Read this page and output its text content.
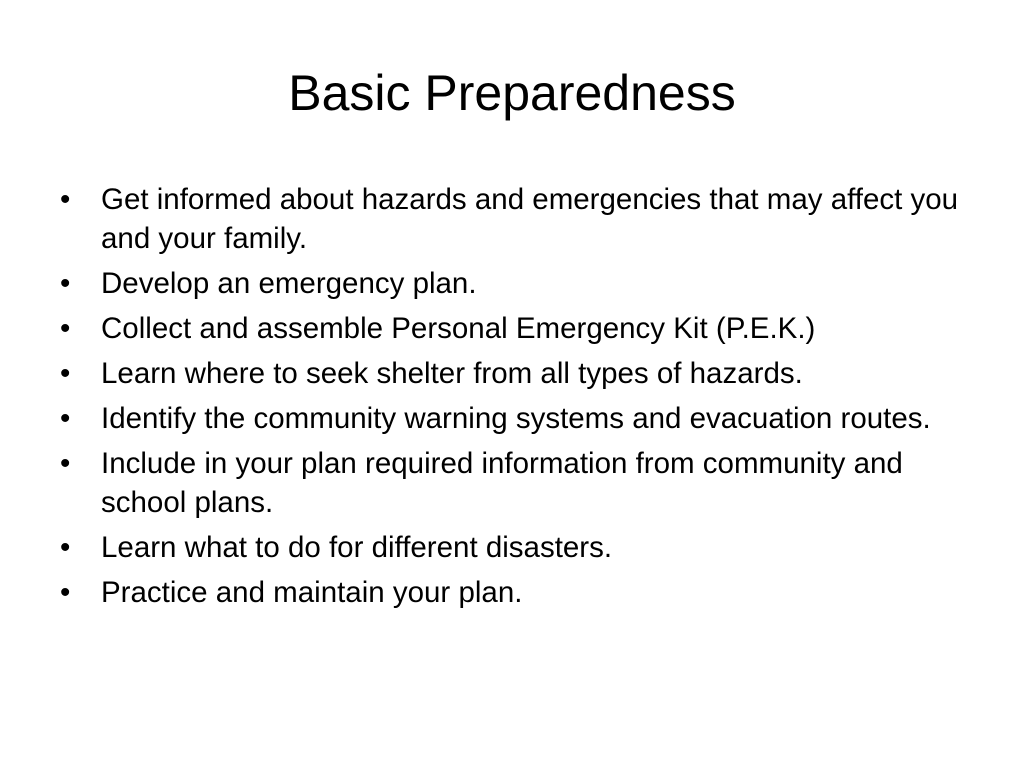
Basic Preparedness
•	Get informed about hazards and emergencies that may affect you and your family.
•	Develop an emergency plan.
•	Collect and assemble Personal Emergency Kit (P.E.K.)
•	Learn where to seek shelter from all types of hazards.
•	Identify the community warning systems and evacuation routes.
•	Include in your plan required information from community and school plans.
•	Learn what to do for different disasters.
•	Practice and maintain your plan.
